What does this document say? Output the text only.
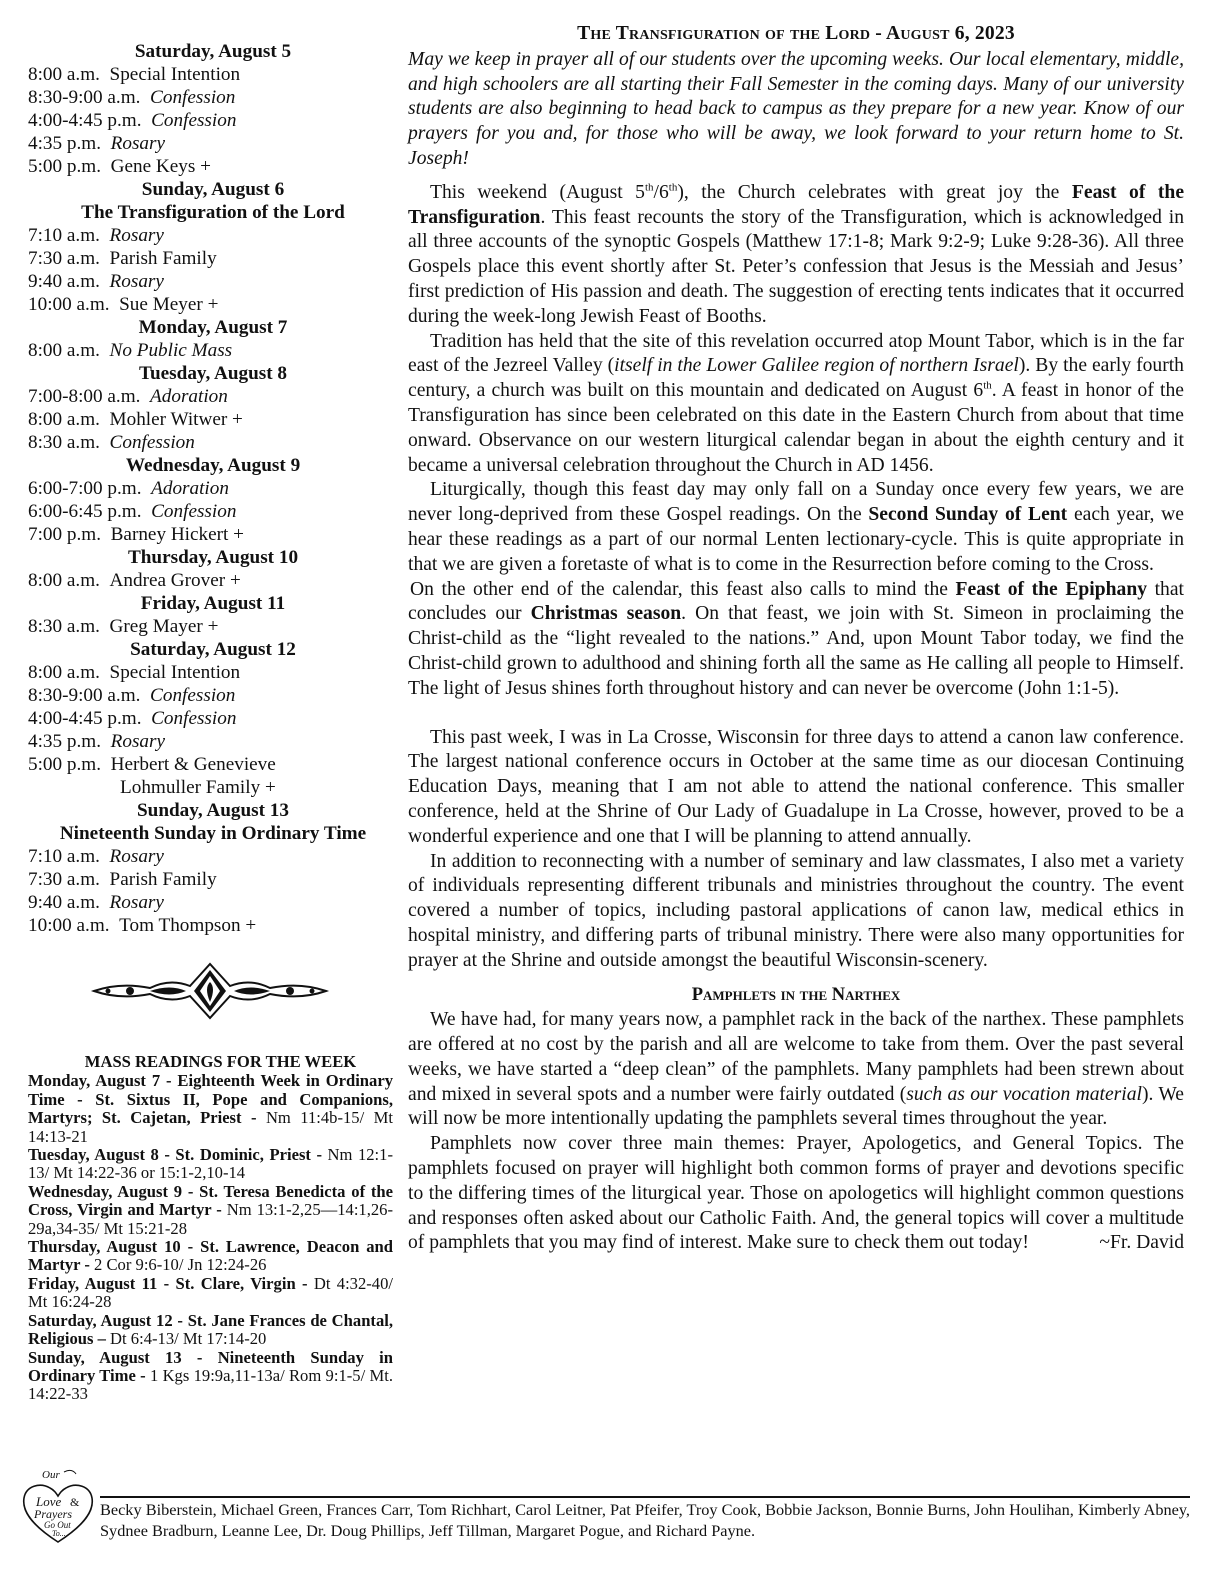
Saturday, August 5
8:00 a.m. Special Intention
8:30-9:00 a.m. Confession
4:00-4:45 p.m. Confession
4:35 p.m. Rosary
5:00 p.m. Gene Keys +
Sunday, August 6
The Transfiguration of the Lord
7:10 a.m. Rosary
7:30 a.m. Parish Family
9:40 a.m. Rosary
10:00 a.m. Sue Meyer +
Monday, August 7
8:00 a.m. No Public Mass
Tuesday, August 8
7:00-8:00 a.m. Adoration
8:00 a.m. Mohler Witwer +
8:30 a.m. Confession
Wednesday, August 9
6:00-7:00 p.m. Adoration
6:00-6:45 p.m. Confession
7:00 p.m. Barney Hickert +
Thursday, August 10
8:00 a.m. Andrea Grover +
Friday, August 11
8:30 a.m. Greg Mayer +
Saturday, August 12
8:00 a.m. Special Intention
8:30-9:00 a.m. Confession
4:00-4:45 p.m. Confession
4:35 p.m. Rosary
5:00 p.m. Herbert & Genevieve
Lohmuller Family +
Sunday, August 13
Nineteenth Sunday in Ordinary Time
7:10 a.m. Rosary
7:30 a.m. Parish Family
9:40 a.m. Rosary
10:00 a.m. Tom Thompson +
MASS READINGS FOR THE WEEK
Monday, August 7 - Eighteenth Week in Ordinary Time - St. Sixtus II, Pope and Companions, Martyrs; St. Cajetan, Priest - Nm 11:4b-15/ Mt 14:13-21
Tuesday, August 8 - St. Dominic, Priest - Nm 12:1-13/ Mt 14:22-36 or 15:1-2,10-14
Wednesday, August 9 - St. Teresa Benedicta of the Cross, Virgin and Martyr - Nm 13:1-2,25—14:1,26-29a,34-35/ Mt 15:21-28
Thursday, August 10 - St. Lawrence, Deacon and Martyr - 2 Cor 9:6-10/ Jn 12:24-26
Friday, August 11 - St. Clare, Virgin - Dt 4:32-40/ Mt 16:24-28
Saturday, August 12 - St. Jane Frances de Chantal, Religious – Dt 6:4-13/ Mt 17:14-20
Sunday, August 13 - Nineteenth Sunday in Ordinary Time - 1 Kgs 19:9a,11-13a/ Rom 9:1-5/ Mt. 14:22-33
The Transfiguration of the Lord - August 6, 2023

May we keep in prayer all of our students over the upcoming weeks. Our local elementary, middle, and high schoolers are all starting their Fall Semester in the coming days. Many of our university students are also beginning to head back to campus as they prepare for a new year. Know of our prayers for you and, for those who will be away, we look forward to your return home to St. Joseph!

This weekend (August 5th/6th), the Church celebrates with great joy the Feast of the Transfiguration. This feast recounts the story of the Transfiguration, which is acknowledged in all three accounts of the synoptic Gospels (Matthew 17:1-8; Mark 9:2-9; Luke 9:28-36). All three Gospels place this event shortly after St. Peter’s confession that Jesus is the Messiah and Jesus’ first prediction of His passion and death. The suggestion of erecting tents indicates that it occurred during the week-long Jewish Feast of Booths.

Tradition has held that the site of this revelation occurred atop Mount Tabor, which is in the far east of the Jezreel Valley (itself in the Lower Galilee region of northern Israel). By the early fourth century, a church was built on this mountain and dedicated on August 6th. A feast in honor of the Transfiguration has since been celebrated on this date in the Eastern Church from about that time onward. Observance on our western liturgical calendar began in about the eighth century and it became a universal celebration throughout the Church in AD 1456.

Liturgically, though this feast day may only fall on a Sunday once every few years, we are never long-deprived from these Gospel readings. On the Second Sunday of Lent each year, we hear these readings as a part of our normal Lenten lectionary-cycle. This is quite appropriate in that we are given a foretaste of what is to come in the Resurrection before coming to the Cross.

On the other end of the calendar, this feast also calls to mind the Feast of the Epiphany that concludes our Christmas season. On that feast, we join with St. Simeon in proclaiming the Christ-child as the “light revealed to the nations.” And, upon Mount Tabor today, we find the Christ-child grown to adulthood and shining forth all the same as He calling all people to Himself. The light of Jesus shines forth throughout history and can never be overcome (John 1:1-5).

This past week, I was in La Crosse, Wisconsin for three days to attend a canon law conference. The largest national conference occurs in October at the same time as our diocesan Continuing Education Days, meaning that I am not able to attend the national conference. This smaller conference, held at the Shrine of Our Lady of Guadalupe in La Crosse, however, proved to be a wonderful experience and one that I will be planning to attend annually.

In addition to reconnecting with a number of seminary and law classmates, I also met a variety of individuals representing different tribunals and ministries throughout the country. The event covered a number of topics, including pastoral applications of canon law, medical ethics in hospital ministry, and differing parts of tribunal ministry. There were also many opportunities for prayer at the Shrine and outside amongst the beautiful Wisconsin-scenery.

Pamphlets in the Narthex

We have had, for many years now, a pamphlet rack in the back of the narthex. These pamphlets are offered at no cost by the parish and all are welcome to take from them. Over the past several weeks, we have started a “deep clean” of the pamphlets. Many pamphlets had been strewn about and mixed in several spots and a number were fairly outdated (such as our vocation material). We will now be more intentionally updating the pamphlets several times throughout the year.

Pamphlets now cover three main themes: Prayer, Apologetics, and General Topics. The pamphlets focused on prayer will highlight both common forms of prayer and devotions specific to the differing times of the liturgical year. Those on apologetics will highlight common questions and responses often asked about our Catholic Faith. And, the general topics will cover a multitude of pamphlets that you may find of interest. Make sure to check them out today!	~Fr. David

Our
Love &
Prayers
Go Out
To...
Becky Biberstein, Michael Green, Frances Carr, Tom Richhart, Carol Leitner, Pat Pfeifer, Troy Cook, Bobbie Jackson, Bonnie Burns, John Houlihan, Kimberly Abney, Sydnee Bradburn, Leanne Lee, Dr. Doug Phillips, Jeff Tillman, Margaret Pogue, and Richard Payne.
